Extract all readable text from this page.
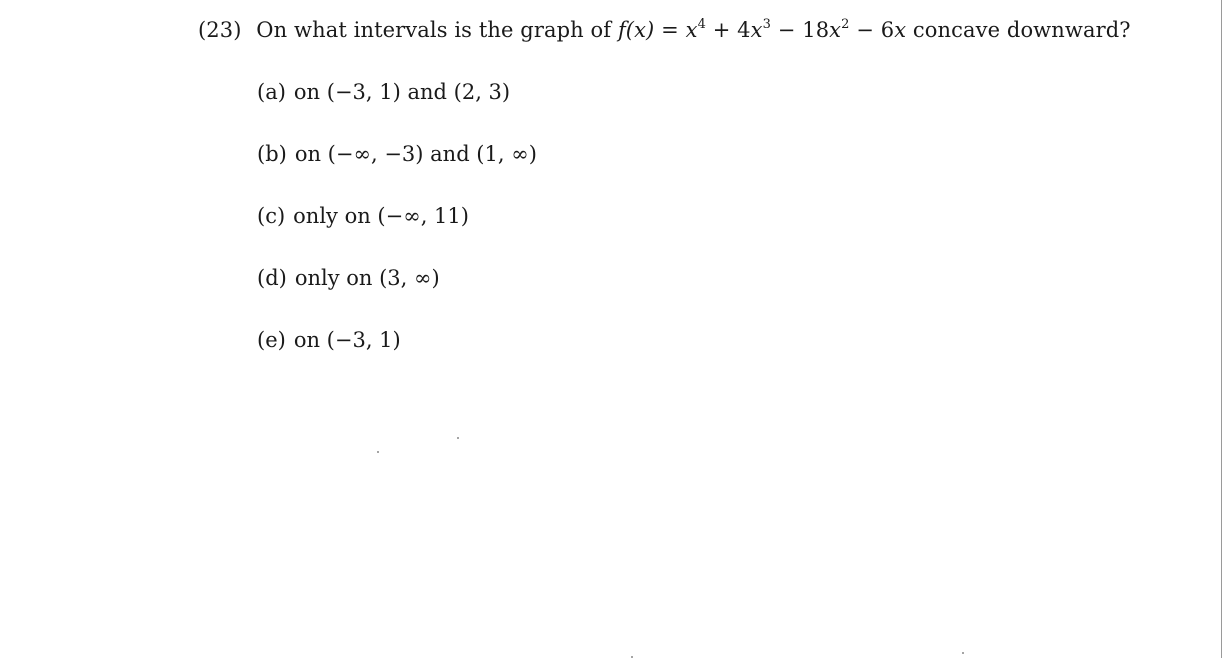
(23) On what intervals is the graph of $f(x) = x^4 + 4x^3 - 18x^2 - 6x$ concave downward?
(a) on (−3, 1) and (2, 3)
(b) on (−∞, −3) and (1, ∞)
(c) only on (−∞, 11)
(d) only on (3, ∞)
(e) on (−3, 1)
